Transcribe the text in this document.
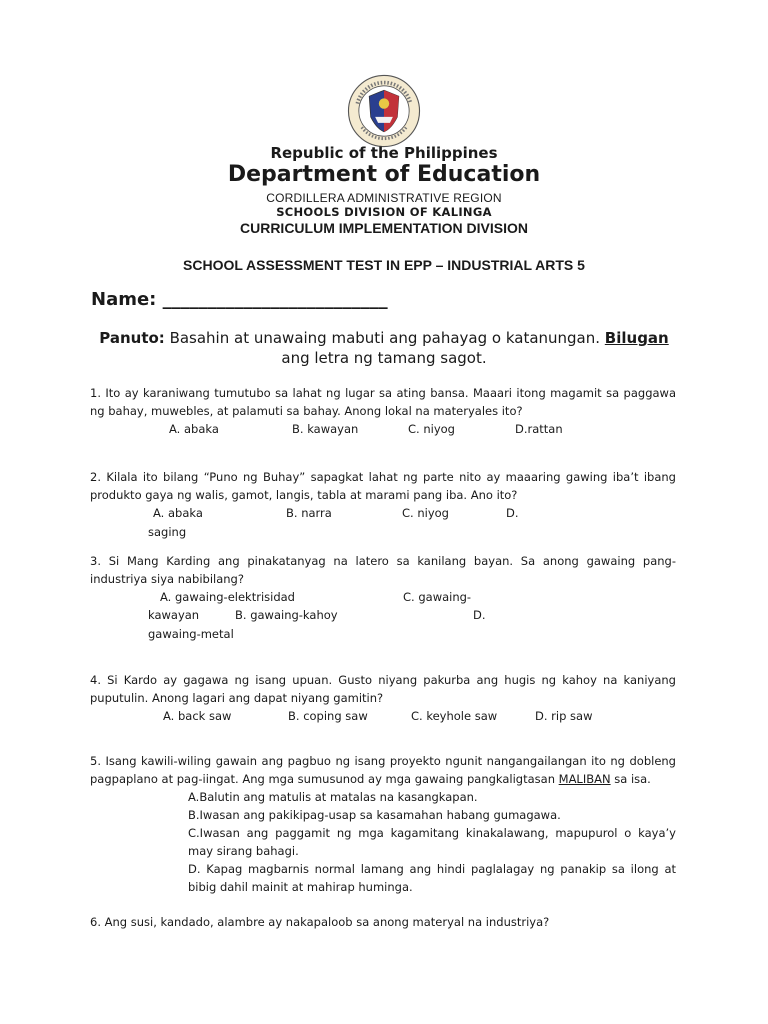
Republic of the Philippines
Department of Education
CORDILLERA ADMINISTRATIVE REGION
SCHOOLS DIVISION OF KALINGA
CURRICULUM IMPLEMENTATION DIVISION
SCHOOL ASSESSMENT TEST IN EPP – INDUSTRIAL ARTS 5
Name: _________________________
Panuto: Basahin at unawaing mabuti ang pahayag o katanungan. Bilugan ang letra ng tamang sagot.
1. Ito ay karaniwang tumutubo sa lahat ng lugar sa ating bansa. Maaari itong magamit sa paggawa ng bahay, muwebles, at palamuti sa bahay. Anong lokal na materyales ito?
A. abaka	B. kawayan	C. niyog	D.rattan
2. Kilala ito bilang “Puno ng Buhay” sapagkat lahat ng parte nito ay maaaring gawing iba’t ibang produkto gaya ng walis, gamot, langis, tabla at marami pang iba. Ano ito?
A. abaka	B. narra	C. niyog	D.
saging
3. Si Mang Karding ang pinakatanyag na latero sa kanilang bayan. Sa anong gawaing pang-industriya siya nabibilang?
A. gawaing-elektrisidad	C. gawaing-
kawayan	B. gawaing-kahoy	D.
gawaing-metal
4. Si Kardo ay gagawa ng isang upuan. Gusto niyang pakurba ang hugis ng kahoy na kaniyang puputulin. Anong lagari ang dapat niyang gamitin?
A. back saw	B. coping saw	C. keyhole saw	D. rip saw
5. Isang kawili-wiling gawain ang pagbuo ng isang proyekto ngunit nangangailangan ito ng dobleng pagpaplano at pag-iingat. Ang mga sumusunod ay mga gawaing pangkaligtasan MALIBAN sa isa.
A.Balutin ang matulis at matalas na kasangkapan.
B.Iwasan ang pakikipag-usap sa kasamahan habang gumagawa.
C.Iwasan ang paggamit ng mga kagamitang kinakalawang, mapupurol o kaya’y may sirang bahagi.
D. Kapag magbarnis normal lamang ang hindi paglalagay ng panakip sa ilong at bibig dahil mainit at mahirap huminga.
6. Ang susi, kandado, alambre ay nakapaloob sa anong materyal na industriya?
